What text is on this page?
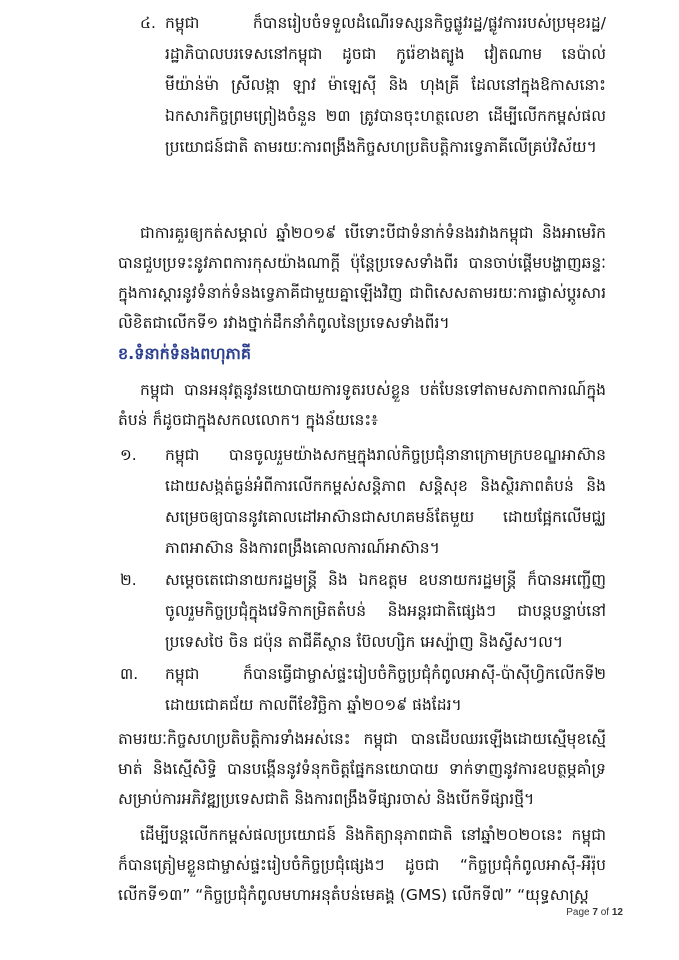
៤. កម្ពុជា ក៏បានរៀបចំទទួលដំណើរទស្សនកិច្ចផ្លូវរដ្ឋ/ផ្លូវការរបស់ប្រមុខរដ្ឋ/រដ្ឋាភិបាលបរទេសនៅកម្ពុជា ដូចជា កូរ៉េខាងត្បូង វៀតណាម នេប៉ាល់ មីយ៉ាន់ម៉ា ស្រីលង្កា ឡាវ ម៉ាឡេស៊ី និង ហុងគ្រី ដែលនៅក្នុងឱកាសនោះ ឯកសារកិច្ចព្រមព្រៀងចំនួន ២៣ ត្រូវបានចុះហត្ថលេខា ដើម្បីលើកកម្ពស់ផលប្រយោជន៍ជាតិ តាមរយៈការពង្រឹងកិច្ចសហប្រតិបត្តិការទ្វេភាគីលើគ្រប់វិស័យ។
ជាការគួរឲ្យកត់សម្គាល់ ឆ្នាំ២០១៩ បើទោះបីជាទំនាក់ទំនងរវាងកម្ពុជា និងអាមេរិក បានជួបប្រទះនូវភាពការកុសយ៉ាងណាក្ដី ប៉ុន្តែប្រទេសទាំងពីរ បានចាប់ផ្ដើមបង្ហាញឆន្ទៈក្នុងការស្តារនូវទំនាក់ទំនងទ្វេភាគីជាមួយគ្នាឡើងវិញ ជាពិសេសតាមរយៈការផ្លាស់ប្ដូរសារលិខិតជាលើកទី១ រវាងថ្នាក់ដឹកនាំកំពូលនៃប្រទេសទាំងពីរ។
ខ.ទំនាក់ទំនងពហុភាគី
កម្ពុជា បានអនុវត្តនូវនយោបាយការទូតរបស់ខ្លួន បត់បែនទៅតាមសភាពការណ៍ក្នុងតំបន់ ក៏ដូចជាក្នុងសកលលោក។ ក្នុងន័យនេះ៖
១. កម្ពុជា បានចូលរួមយ៉ាងសកម្មក្នុងរាល់កិច្ចប្រជុំនានាក្រោមក្របខណ្ឌអាស៊ាន ដោយសង្កត់ធ្ងន់អំពីការលើកកម្ពស់សន្តិភាព សន្តិសុខ និងស្ថិរភាពតំបន់ និងសម្រេចឲ្យបាននូវគោលដៅអាស៊ានជាសហគមន៍តែមួយ ដោយផ្អែកលើមជ្ឈភាពអាស៊ាន និងការពង្រឹងគោលការណ៍អាស៊ាន។
២. សម្តេចតេជោនាយករដ្ឋមន្ត្រី និង ឯកឧត្តម ឧបនាយករដ្ឋមន្ត្រី ក៏បានអញ្ជើញចូលរួមកិច្ចប្រជុំក្នុងវេទិកាកម្រិតតំបន់ និងអន្តរជាតិផ្សេងៗ ជាបន្តបន្ទាប់នៅប្រទេសថៃ ចិន ជប៉ុន តាជីគីស្ថាន ប៊ែលហ្សិក អេស្ប៉ាញ និងស្វីស។ល។
៣. កម្ពុជា ក៏បានធ្វើជាម្ចាស់ផ្ទះរៀបចំកិច្ចប្រជុំកំពូលអាស៊ី-ប៉ាស៊ីហ្វិកលើកទី២ ដោយជោគជ័យ កាលពីខែវិច្ឆិកា ឆ្នាំ២០១៩ ផងដែរ។
តាមរយៈកិច្ចសហប្រតិបត្តិការទាំងអស់នេះ កម្ពុជា បានដើបឈរឡើងដោយស្មើមុខស្មើមាត់ និងស្មើសិទ្ធិ បានបង្កើននូវទំនុកចិត្តផ្នែកនយោបាយ ទាក់ទាញនូវការឧបត្ថម្ភគាំទ្រសម្រាប់ការអភិវឌ្ឍប្រទេសជាតិ និងការពង្រឹងទីផ្សារចាស់ និងបើកទីផ្សារថ្មី។
ដើម្បីបន្តលើកកម្ពស់ផលប្រយោជន៍ និងកិត្យានុភាពជាតិ នៅឆ្នាំ២០២០នេះ កម្ពុជា ក៏បានត្រៀមខ្លួនជាម្ចាស់ផ្ទះរៀបចំកិច្ចប្រជុំផ្សេងៗ ដូចជា “កិច្ចប្រជុំកំពូលអាស៊ី-អឺរ៉ុបលើកទី១៣” “កិច្ចប្រជុំកំពូលមហាអនុតំបន់មេគង្គ (GMS) លើកទី៧” “យុទ្ធសាស្ត្រ
Page 7 of 12
